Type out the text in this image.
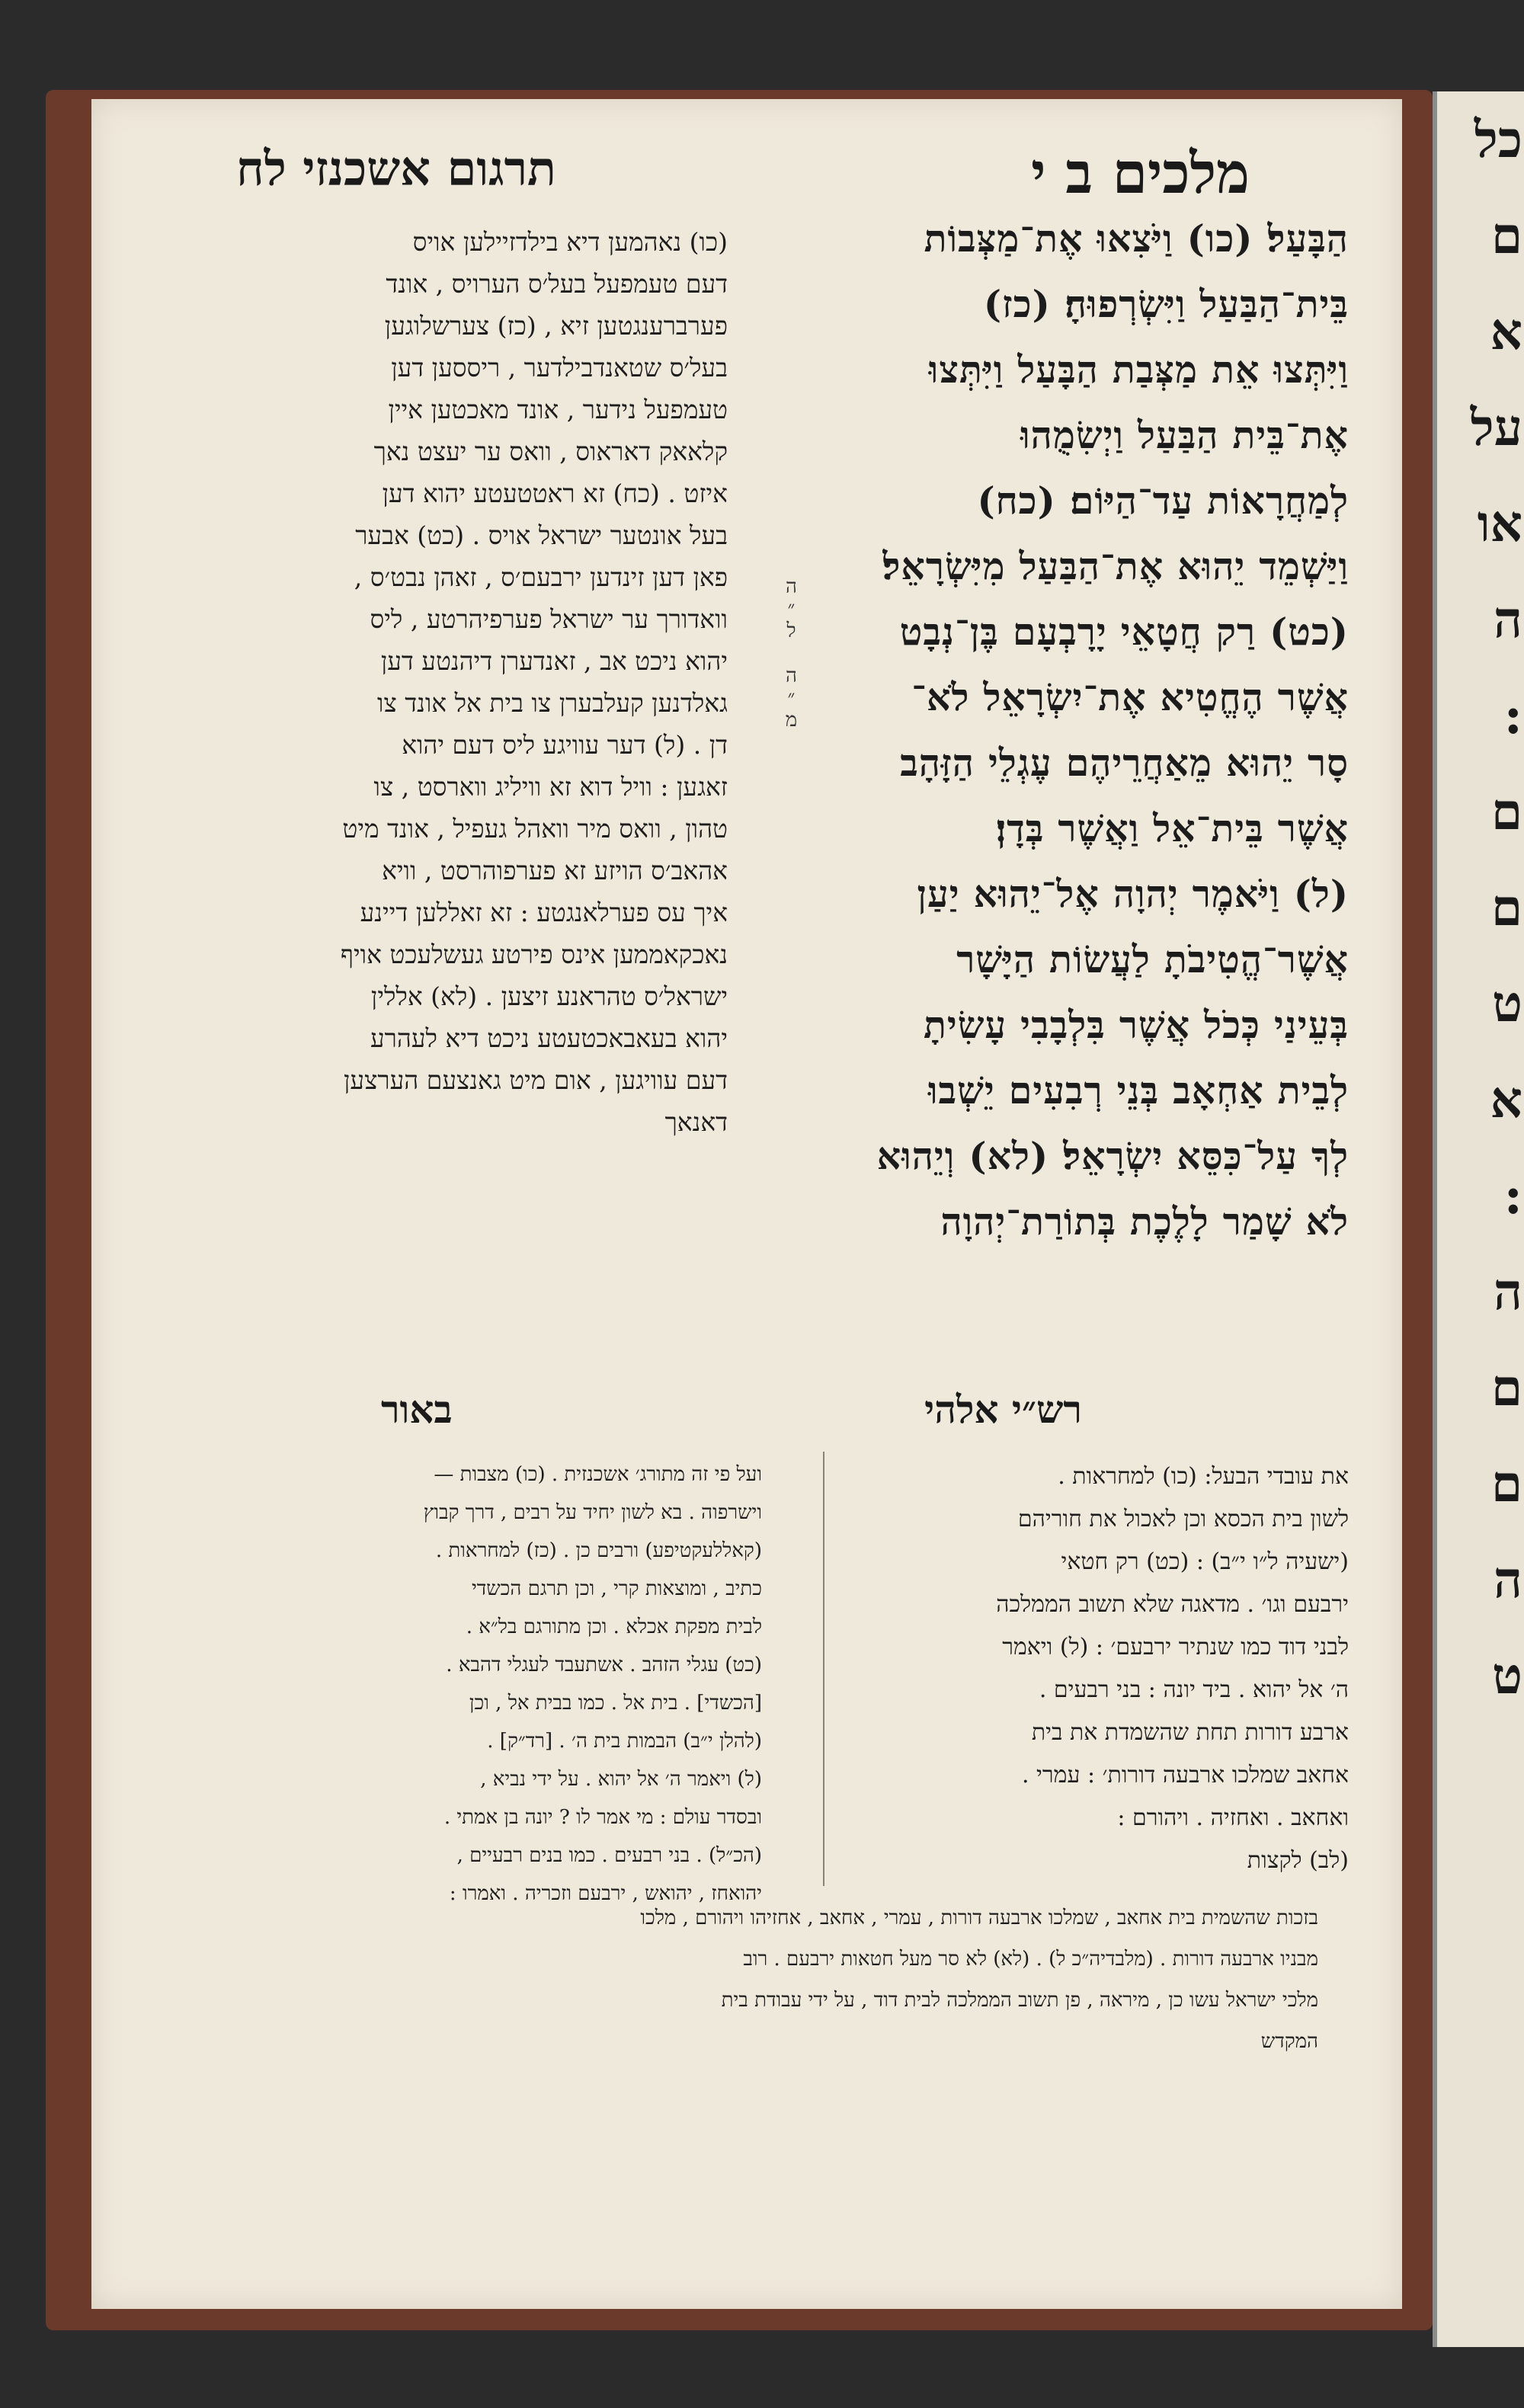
כל
ם
א
על
או
ה
:
ם
ם
ט
א
:
ה
ם
ם
ה
ט
מלכים ב י
תרגום אשכנזי לח
הַבָּעַל׃ (כו) וַיֹּצִאוּ אֶת־מַצְּבוֹת
בֵּית־הַבַּעַל וַיִּשְׂרְפוּהָ׃ (כז)
וַיִּתְּצוּ אֵת מַצְּבַת הַבָּעַל וַיִּתְּצוּ
אֶת־בֵּית הַבַּעַל וַיְשִׂמֻהוּ
לְמַחֲרָאוֹת עַד־הַיּוֹם׃ (כח)
וַיַּשְׁמֵד יֵהוּא אֶת־הַבַּעַל מִיִּשְׂרָאֵל׃
(כט) רַק חֲטָאֵי יָרָבְעָם בֶּן־נְבָט
אֲשֶׁר הֶחֱטִיא אֶת־יִשְׂרָאֵל לֹא־
סָר יֵהוּא מֵאַחֲרֵיהֶם עֶגְלֵי הַזָּהָב
אֲשֶׁר בֵּית־אֵל וַאֲשֶׁר בְּדָן׃
(ל) וַיֹּאמֶר יְהוָה אֶל־יֵהוּא יַעַן
אֲשֶׁר־הֱטִיבֹתָ לַעֲשׂוֹת הַיָּשָׁר
בְּעֵינַי כְּכֹל אֲשֶׁר בִּלְבָבִי עָשִׂיתָ
לְבֵית אַחְאָב בְּנֵי רְבִעִים יֵשְׁבוּ
לְךָ עַל־כִּסֵּא יִשְׂרָאֵל׃ (לא) וְיֵהוּא
לֹא שָׁמַר לָלֶכֶת בְּתוֹרַת־יְהוָה
מ״ה ל״ה
(כו) נאהמען דיא בילדזיילען אויס
דעם טעמפעל בעל׳ס הערויס , אונד
פערברענגטען זיא , (כז) צערשלוגען
בעל׳ס שטאנדבילדער , ריססען דען
טעמפעל נידער , אונד מאכטען איין
קלאאק דאראוס , וואס ער יעצט נאך
איזט . (כח) זא ראטטעטע יהוא דען
בעל אונטער ישראל אויס . (כט) אבער
פאן דען זינדען ירבעם׳ס , זאהן נבט׳ס ,
וואדורך ער ישראל פערפיהרטע , ליס
יהוא ניכט אב , זאנדערן דיהנטע דען
גאלדנען קעלבערן צו בית אל אונד צו
דן . (ל) דער עוויגע ליס דעם יהוא
זאגען : וויל דוא זא וויליג ווארסט , צו
טהון , וואס מיר וואהל געפיל , אונד מיט
אהאב׳ס הויזע זא פערפוהרסט , וויא
איך עס פערלאנגטע : זא זאללען דיינע
נאכקאממען אינס פירטע געשלעכט אויף
ישראל׳ס טהראנע זיצען . (לא) אללין
יהוא בעאבאכטעטע ניכט דיא לעהרע
דעם עוויגען , אום מיט גאנצעם הערצען
דאנאך
רש״י אלהי
באור
את עובדי הבעל: (כו) למחראות .
לשון בית הכסא וכן לאכול את חוריהם
(ישעיה ל״ו י״ב) : (כט) רק חטאי
ירבעם וגו׳ . מדאגה שלא תשוב הממלכה
לבני דוד כמו שנתיר ירבעם׳ : (ל) ויאמר
ה׳ אל יהוא . ביד יונה : בני רבעים .
ארבע דורות תחת שהשמדת את בית
אחאב שמלכו ארבעה דורות׳ : עמרי .
ואחאב . ואחזיה . ויהורם :
(לב) לקצות
ועל פי זה מתורג׳ אשכנזית . (כו) מצבות —
וישרפוה . בא לשון יחיד על רבים , דרך קבוץ
(קאללעקטיפע) ורבים כן . (כז) למחראות .
כתיב , ומוצאות קרי , וכן תרגם הכשדי
לבית מפקת אכלא . וכן מתורגם בל״א .
(כט) עגלי הזהב . אשתעבד לעגלי דהבא .
[הכשדי] . בית אל . כמו בבית אל , וכן
(להלן י״ב) הבמות בית ה׳ . [רד״ק] .
(ל) ויאמר ה׳ אל יהוא . על ידי נביא ,
ובסדר עולם : מי אמר לו ? יונה בן אמתי .
(הכ״ל) . בני רבעים . כמו בנים רבעיים ,
יהואחז , יהואש , ירבעם וזכריה . ואמרו :
בזכות שהשמית בית אחאב , שמלכו ארבעה דורות , עמרי , אחאב , אחזיהו ויהורם , מלכו
מבניו ארבעה דורות . (מלבדיה״כ ל) . (לא) לא סר מעל חטאות ירבעם . רוב
מלכי ישראל עשו כן , מיראה , פן תשוב הממלכה לבית דוד , על ידי עבודת בית
המקדש
